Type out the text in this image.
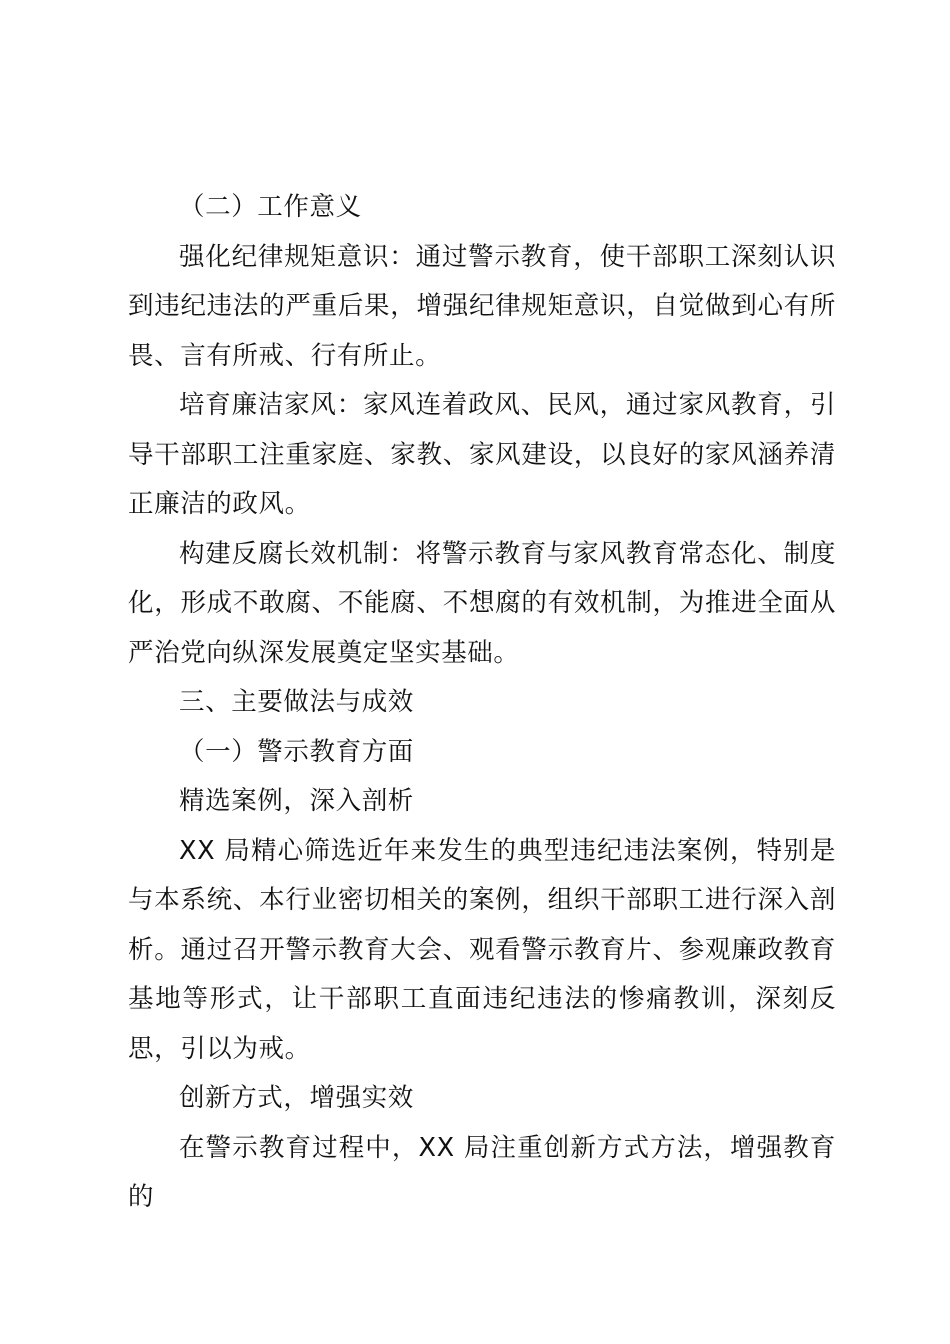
（二）工作意义

强化纪律规矩意识：通过警示教育，使干部职工深刻认识到违纪违法的严重后果，增强纪律规矩意识，自觉做到心有所畏、言有所戒、行有所止。

培育廉洁家风：家风连着政风、民风，通过家风教育，引导干部职工注重家庭、家教、家风建设，以良好的家风涵养清正廉洁的政风。

构建反腐长效机制：将警示教育与家风教育常态化、制度化，形成不敢腐、不能腐、不想腐的有效机制，为推进全面从严治党向纵深发展奠定坚实基础。

三、主要做法与成效

（一）警示教育方面

精选案例，深入剖析

XX 局精心筛选近年来发生的典型违纪违法案例，特别是与本系统、本行业密切相关的案例，组织干部职工进行深入剖析。通过召开警示教育大会、观看警示教育片、参观廉政教育基地等形式，让干部职工直面违纪违法的惨痛教训，深刻反思，引以为戒。

创新方式，增强实效

在警示教育过程中，XX 局注重创新方式方法，增强教育的
